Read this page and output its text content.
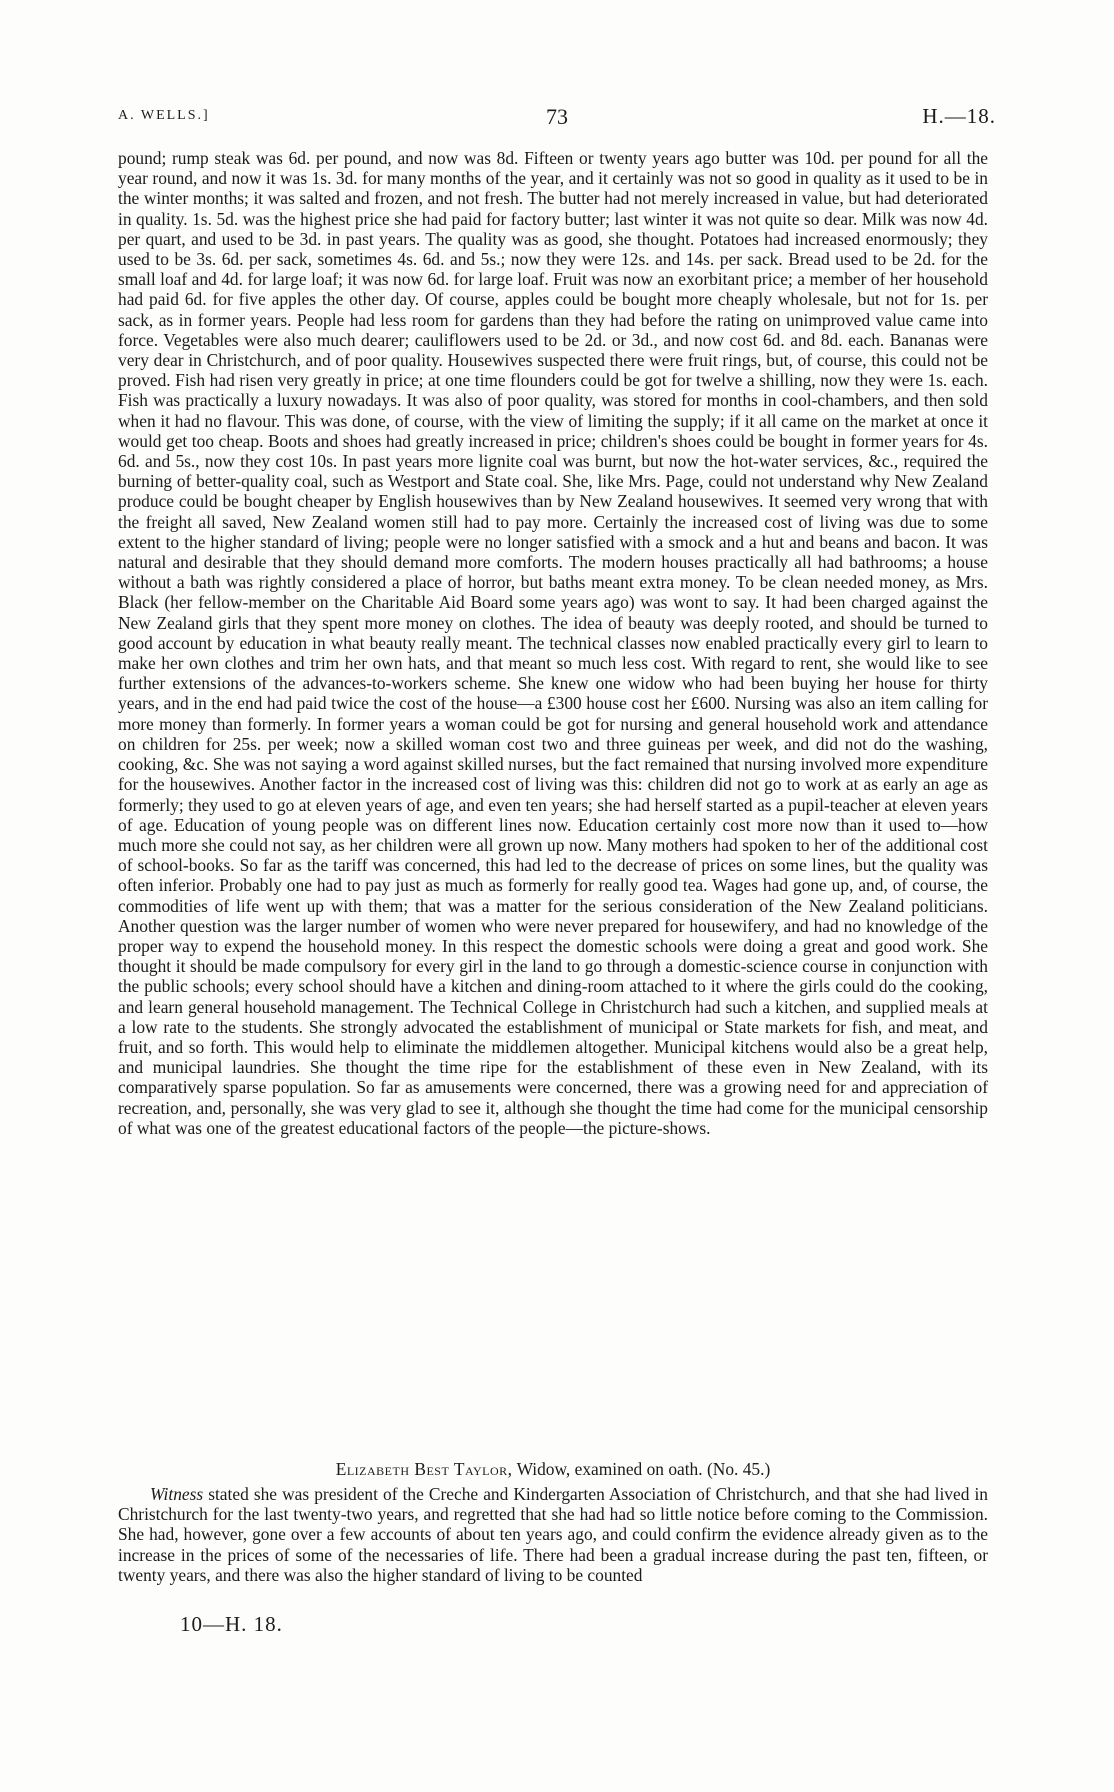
A. WELLS.]	73	H.—18.

pound; rump steak was 6d. per pound, and now was 8d. Fifteen or twenty years ago butter was 10d. per pound for all the year round, and now it was 1s. 3d. for many months of the year, and it certainly was not so good in quality as it used to be in the winter months; it was salted and frozen, and not fresh. The butter had not merely increased in value, but had deteriorated in quality. 1s. 5d. was the highest price she had paid for factory butter; last winter it was not quite so dear. Milk was now 4d. per quart, and used to be 3d. in past years. The quality was as good, she thought. Potatoes had increased enormously; they used to be 3s. 6d. per sack, sometimes 4s. 6d. and 5s.; now they were 12s. and 14s. per sack. Bread used to be 2d. for the small loaf and 4d. for large loaf; it was now 6d. for large loaf. Fruit was now an exorbitant price; a member of her household had paid 6d. for five apples the other day. Of course, apples could be bought more cheaply wholesale, but not for 1s. per sack, as in former years. People had less room for gardens than they had before the rating on unimproved value came into force. Vegetables were also much dearer; cauliflowers used to be 2d. or 3d., and now cost 6d. and 8d. each. Bananas were very dear in Christchurch, and of poor quality. Housewives suspected there were fruit rings, but, of course, this could not be proved. Fish had risen very greatly in price; at one time flounders could be got for twelve a shilling, now they were 1s. each. Fish was practically a luxury nowadays. It was also of poor quality, was stored for months in cool-chambers, and then sold when it had no flavour. This was done, of course, with the view of limiting the supply; if it all came on the market at once it would get too cheap. Boots and shoes had greatly increased in price; children's shoes could be bought in former years for 4s. 6d. and 5s., now they cost 10s. In past years more lignite coal was burnt, but now the hot-water services, &c., required the burning of better-quality coal, such as Westport and State coal. She, like Mrs. Page, could not understand why New Zealand produce could be bought cheaper by English housewives than by New Zealand housewives. It seemed very wrong that with the freight all saved, New Zealand women still had to pay more. Certainly the increased cost of living was due to some extent to the higher standard of living; people were no longer satisfied with a smock and a hut and beans and bacon. It was natural and desirable that they should demand more comforts. The modern houses practically all had bathrooms; a house without a bath was rightly considered a place of horror, but baths meant extra money. To be clean needed money, as Mrs. Black (her fellow-member on the Charitable Aid Board some years ago) was wont to say. It had been charged against the New Zealand girls that they spent more money on clothes. The idea of beauty was deeply rooted, and should be turned to good account by education in what beauty really meant. The technical classes now enabled practically every girl to learn to make her own clothes and trim her own hats, and that meant so much less cost. With regard to rent, she would like to see further extensions of the advances-to-workers scheme. She knew one widow who had been buying her house for thirty years, and in the end had paid twice the cost of the house—a £300 house cost her £600. Nursing was also an item calling for more money than formerly. In former years a woman could be got for nursing and general household work and attendance on children for 25s. per week; now a skilled woman cost two and three guineas per week, and did not do the washing, cooking, &c. She was not saying a word against skilled nurses, but the fact remained that nursing involved more expenditure for the housewives. Another factor in the increased cost of living was this: children did not go to work at as early an age as formerly; they used to go at eleven years of age, and even ten years; she had herself started as a pupil-teacher at eleven years of age. Education of young people was on different lines now. Education certainly cost more now than it used to—how much more she could not say, as her children were all grown up now. Many mothers had spoken to her of the additional cost of school-books. So far as the tariff was concerned, this had led to the decrease of prices on some lines, but the quality was often inferior. Probably one had to pay just as much as formerly for really good tea. Wages had gone up, and, of course, the commodities of life went up with them; that was a matter for the serious consideration of the New Zealand politicians. Another question was the larger number of women who were never prepared for housewifery, and had no knowledge of the proper way to expend the household money. In this respect the domestic schools were doing a great and good work. She thought it should be made compulsory for every girl in the land to go through a domestic-science course in conjunction with the public schools; every school should have a kitchen and dining-room attached to it where the girls could do the cooking, and learn general household management. The Technical College in Christchurch had such a kitchen, and supplied meals at a low rate to the students. She strongly advocated the establishment of municipal or State markets for fish, and meat, and fruit, and so forth. This would help to eliminate the middlemen altogether. Municipal kitchens would also be a great help, and municipal laundries. She thought the time ripe for the establishment of these even in New Zealand, with its comparatively sparse population. So far as amusements were concerned, there was a growing need for and appreciation of recreation, and, personally, she was very glad to see it, although she thought the time had come for the municipal censorship of what was one of the greatest educational factors of the people—the picture-shows.

Elizabeth Best Taylor, Widow, examined on oath. (No. 45.)

Witness stated she was president of the Creche and Kindergarten Association of Christchurch, and that she had lived in Christchurch for the last twenty-two years, and regretted that she had had so little notice before coming to the Commission. She had, however, gone over a few accounts of about ten years ago, and could confirm the evidence already given as to the increase in the prices of some of the necessaries of life. There had been a gradual increase during the past ten, fifteen, or twenty years, and there was also the higher standard of living to be counted

10—H. 18.
